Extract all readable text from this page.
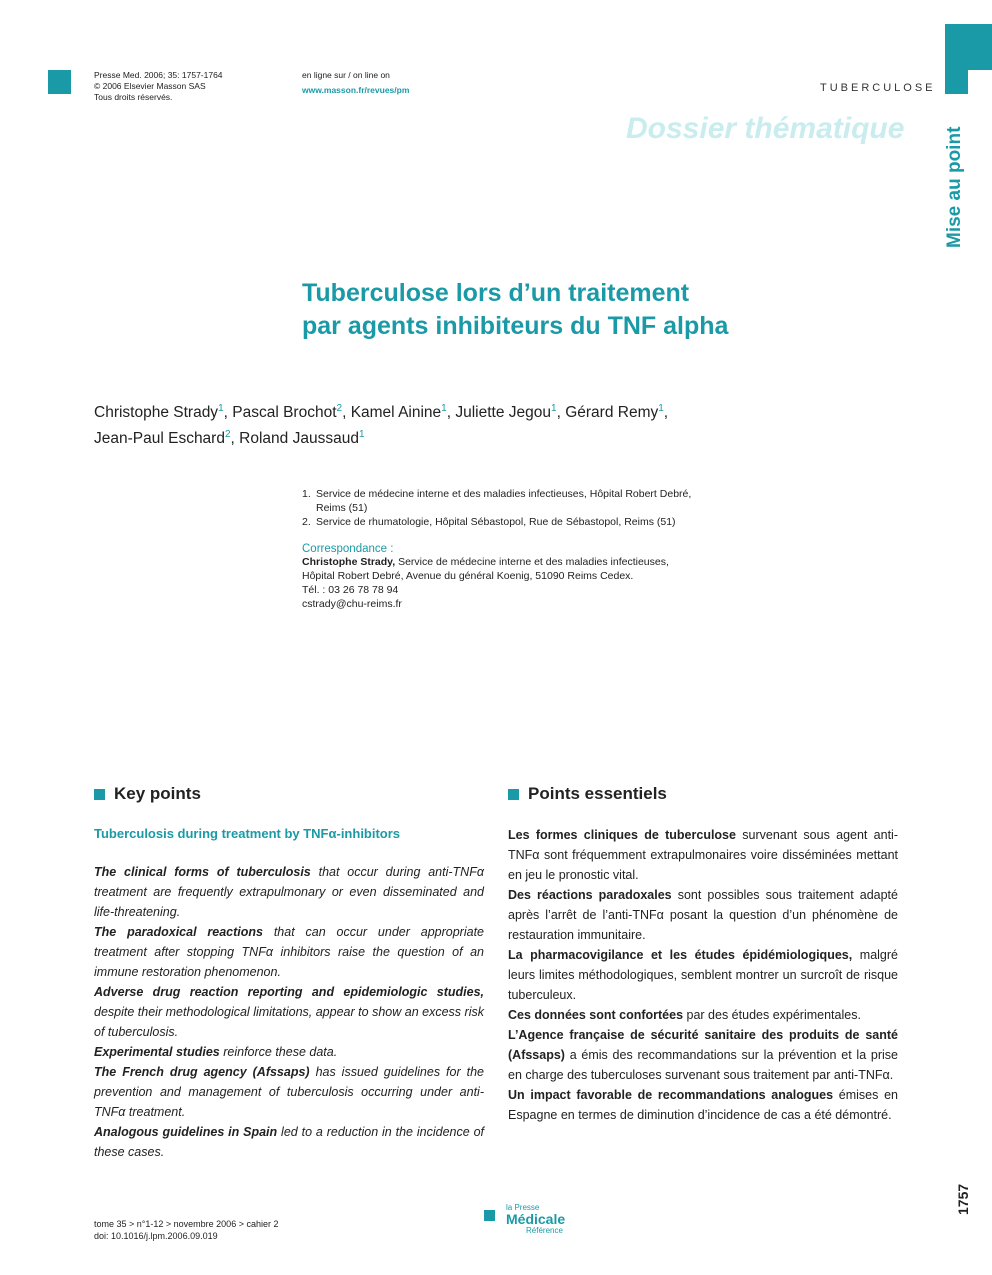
Presse Med. 2006; 35: 1757-1764
© 2006 Elsevier Masson SAS
Tous droits réservés.
en ligne sur / on line on
www.masson.fr/revues/pm	TUBERCULOSE
Dossier thématique Mise au point
Tuberculose lors d’un traitement
par agents inhibiteurs du TNF alpha
Christophe Strady$^1$, Pascal Brochot$^2$, Kamel Ainine$^1$, Juliette Jegou$^1$, Gérard Remy$^1$,
Jean-Paul Eschard$^2$, Roland Jaussaud$^1$
1. Service de médecine interne et des maladies infectieuses, Hôpital Robert Debré, Reims (51)
2. Service de rhumatologie, Hôpital Sébastopol, Rue de Sébastopol, Reims (51)
Correspondance :
Christophe Strady, Service de médecine interne et des maladies infectieuses,
Hôpital Robert Debré, Avenue du général Koenig, 51090 Reims Cedex.
Tél. : 03 26 78 78 94
cstrady@chu-reims.fr
Key points
Tuberculosis during treatment by TNFα-inhibitors

The clinical forms of tuberculosis that occur during anti-TNFα treatment are frequently extrapulmonary or even disseminated and life-threatening.

The paradoxical reactions that can occur under appropriate treatment after stopping TNFα inhibitors raise the question of an immune restoration phenomenon.

Adverse drug reaction reporting and epidemiologic studies, despite their methodological limitations, appear to show an excess risk of tuberculosis.

Experimental studies reinforce these data.

The French drug agency (Afssaps) has issued guidelines for the prevention and management of tuberculosis occurring under anti-TNFα treatment.

Analogous guidelines in Spain led to a reduction in the incidence of these cases.

Points essentiels

Les formes cliniques de tuberculose survenant sous agent anti-TNFα sont fréquemment extrapulmonaires voire disséminées mettant en jeu le pronostic vital.

Des réactions paradoxales sont possibles sous traitement adapté après l’arrêt de l’anti-TNFα posant la question d’un phénomène de restauration immunitaire.

La pharmacovigilance et les études épidémiologiques, malgré leurs limites méthodologiques, semblent montrer un surcroît de risque tuberculeux.

Ces données sont confortées par des études expérimentales.

L’Agence française de sécurité sanitaire des produits de santé (Afssaps) a émis des recommandations sur la prévention et la prise en charge des tuberculoses survenant sous traitement par anti-TNFα.

Un impact favorable de recommandations analogues émises en Espagne en termes de diminution d’incidence de cas a été démontré.

tome 35 > n°1-12 > novembre 2006 > cahier 2
doi: 10.1016/j.lpm.2006.09.019
la Presse
Médicale
Référence
1757
